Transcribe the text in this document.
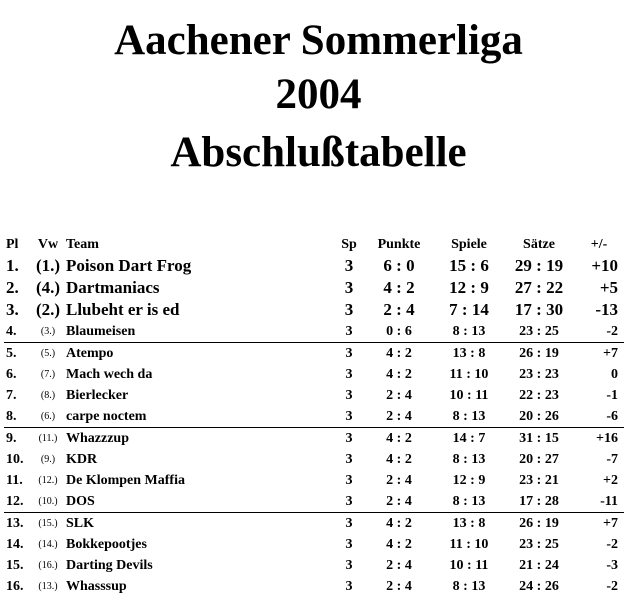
Aachener Sommerliga
2004
Abschlußtabelle
Pl	Vw	Team	Sp	Punkte	Spiele	Sätze	+/-
1.	(1.)	Poison Dart Frog	3	6 : 0	15 : 6	29 : 19	+10
2.	(4.)	Dartmaniacs	3	4 : 2	12 : 9	27 : 22	+5
3.	(2.)	Llubeht er is ed	3	2 : 4	7 : 14	17 : 30	-13
4.	(3.)	Blaumeisen	3	0 : 6	8 : 13	23 : 25	-2
5.	(5.)	Atempo	3	4 : 2	13 : 8	26 : 19	+7
6.	(7.)	Mach wech da	3	4 : 2	11 : 10	23 : 23	0
7.	(8.)	Bierlecker	3	2 : 4	10 : 11	22 : 23	-1
8.	(6.)	carpe noctem	3	2 : 4	8 : 13	20 : 26	-6
9.	(11.)	Whazzzup	3	4 : 2	14 : 7	31 : 15	+16
10.	(9.)	KDR	3	4 : 2	8 : 13	20 : 27	-7
11.	(12.)	De Klompen Maffia	3	2 : 4	12 : 9	23 : 21	+2
12.	(10.)	DOS	3	2 : 4	8 : 13	17 : 28	-11
13.	(15.)	SLK	3	4 : 2	13 : 8	26 : 19	+7
14.	(14.)	Bokkepootjes	3	4 : 2	11 : 10	23 : 25	-2
15.	(16.)	Darting Devils	3	2 : 4	10 : 11	21 : 24	-3
16.	(13.)	Whasssup	3	2 : 4	8 : 13	24 : 26	-2
